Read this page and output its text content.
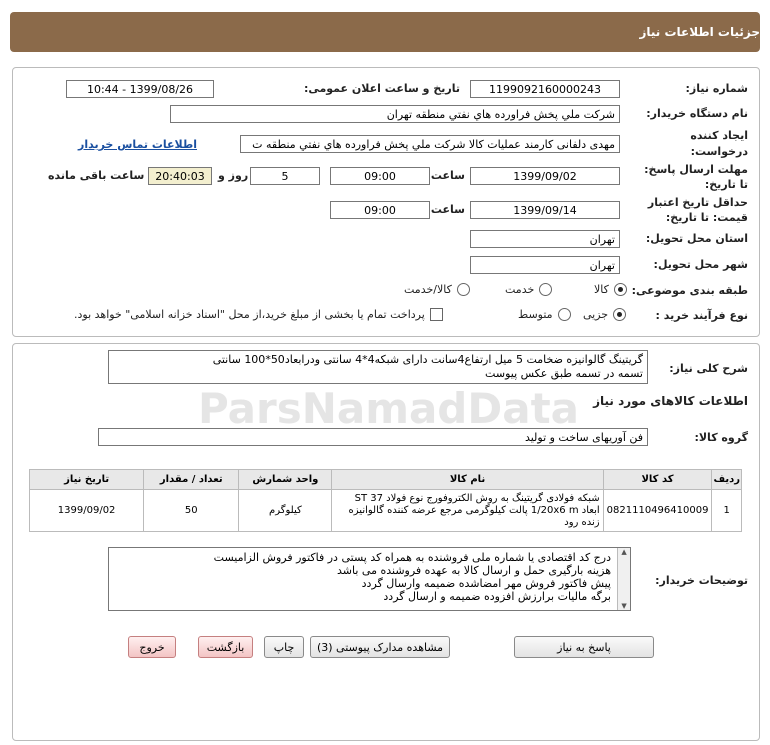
جزئیات اطلاعات نیاز
شماره نیاز:
1199092160000243
تاریخ و ساعت اعلان عمومی:
1399/08/26 - 10:44
نام دستگاه خریدار:
شرکت ملي پخش فراورده هاي نفتي منطقه تهران
ایجاد کننده
درخواست:
مهدی دلفانی کارمند عملیات کالا شرکت ملي پخش فراورده هاي نفتي منطقه ت
اطلاعات تماس خریدار
مهلت ارسال پاسخ:
تا تاریخ:
1399/09/02
ساعت
09:00
5
روز و
20:40:03
ساعت باقی مانده
حداقل تاریخ اعتبار
قیمت: تا تاریخ:
1399/09/14
ساعت
09:00
استان محل تحویل:
تهران
شهر محل تحویل:
تهران
طبقه بندی موضوعی:
کالا
خدمت
کالا/خدمت
نوع فرآیند خرید :
جزیی
متوسط
پرداخت تمام یا بخشی از مبلغ خرید،از محل "اسناد خزانه اسلامی" خواهد بود.
شرح کلی نیاز:
گریتینگ گالوانیزه ضخامت 5 میل ارتفاع4سانت دارای شبکه4*4 سانتی ودرابعاد50*100 سانتی
تسمه در تسمه طبق عکس پیوست
اطلاعات کالاهای مورد نیاز
گروه کالا:
فن آوریهای ساخت و تولید
ردیف	کد کالا	نام کالا	واحد شمارش	تعداد / مقدار	تاریخ نیاز
1	0821110496410009	شبکه فولادی گریتینگ به روش الکتروفورج نوع فولاد ST 37 ابعاد 1/20x6 m پالت کیلوگرمی مرجع عرضه کننده گالوانیزه زنده رود	کیلوگرم	50	1399/09/02
توضیحات خریدار:
▲
▼
درج کد اقتصادی یا شماره ملی فروشنده به همراه کد پستی در فاکتور فروش الزامیست
هزینه بارگیری حمل و ارسال کالا به عهده فروشنده می باشد
پیش فاکتور فروش مهر امضاشده ضمیمه وارسال گردد
برگه مالیات برارزش افزوده ضمیمه و ارسال گردد
پاسخ به نیاز
مشاهده مدارک پیوستی (3)
چاپ
بازگشت
خروج
ParsNamadData
